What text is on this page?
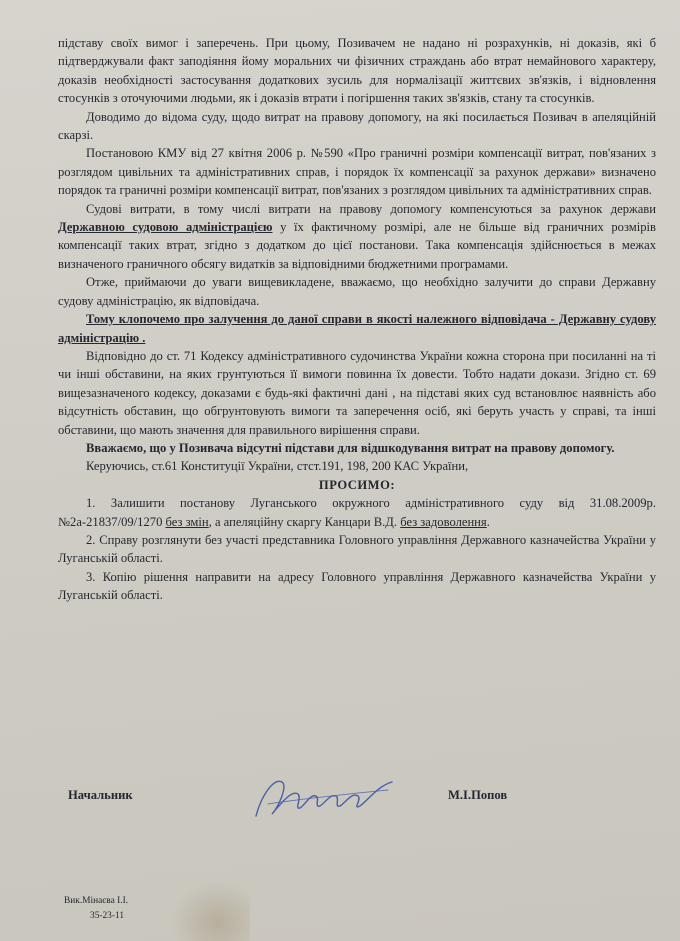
підставу своїх вимог і заперечень. При цьому, Позивачем не надано ні розрахунків, ні доказів, які б підтверджували факт заподіяння йому моральних чи фізичних страждань або втрат немайнового характеру, доказів необхідності застосування додаткових зусиль для нормалізації життєвих зв'язків, і відновлення стосунків з оточуючими людьми, як і доказів втрати і погіршення таких зв'язків, стану та стосунків.

Доводимо до відома суду, щодо витрат на правову допомогу, на які посилається Позивач в апеляційній скарзі.

Постановою КМУ від 27 квітня 2006 р. №590 «Про граничні розміри компенсації витрат, пов'язаних з розглядом цивільних та адміністративних справ, і порядок їх компенсації за рахунок держави» визначено порядок та граничні розміри компенсації витрат, пов'язаних з розглядом цивільних та адміністративних справ.

Судові витрати, в тому числі витрати на правову допомогу компенсуються за рахунок держави Державною судовою адміністрацією у їх фактичному розмірі, але не більше від граничних розмірів компенсації таких втрат, згідно з додатком до цієї постанови. Така компенсація здійснюється в межах визначеного граничного обсягу видатків за відповідними бюджетними програмами.

Отже, приймаючи до уваги вищевикладене, вважаємо, що необхідно залучити до справи Державну судову адміністрацію, як відповідача.

Тому клопочемо про залучення до даної справи в якості належного відповідача - Державну судову адміністрацію .

Відповідно до ст. 71 Кодексу адміністративного судочинства України кожна сторона при посиланні на ті чи інші обставини, на яких грунтуються її вимоги повинна їх довести. Тобто надати докази. Згідно ст. 69 вищезазначеного кодексу, доказами є будь-які фактичні дані , на підставі яких суд встановлює наявність або відсутність обставин, що обгрунтовують вимоги та заперечення осіб, які беруть участь у справі, та інші обставини, що мають значення для правильного вирішення справи.

Вважаємо, що у Позивача відсутні підстави для відшкодування витрат на правову допомогу.

Керуючись, ст.61 Конституції України, стст.191, 198, 200 КАС України,

ПРОСИМО:

1. Залишити постанову Луганського окружного адміністративного суду від 31.08.2009р. №2а-21837/09/1270 без змін, а апеляційну скаргу Канцари В.Д. без задоволення.

2. Справу розглянути без участі представника Головного управління Державного казначейства України у Луганській області.

3. Копію рішення направити на адресу Головного управління Державного казначейства України у Луганській області.

Начальник	М.І.Попов
Вик.Мінаєва І.І.
35-23-11
